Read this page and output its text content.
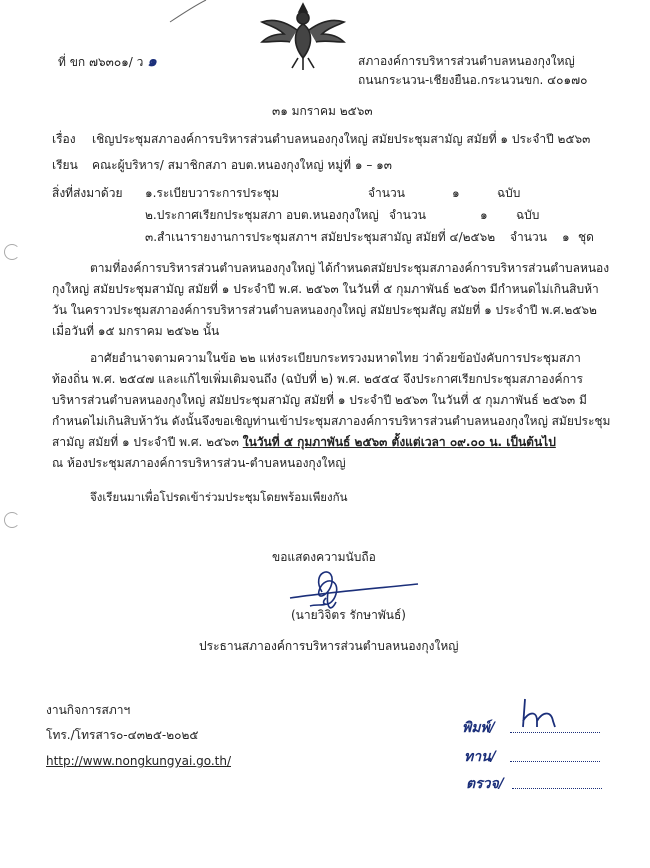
ที่ ขก ๗๖๓๐๑/ ว ๑	สภาองค์การบริหารส่วนตำบลหนองกุงใหญ่
ถนนกระนวน-เชียงยืนอ.กระนวนขก. ๔๐๑๗๐
๓๑ มกราคม ๒๕๖๓
เรื่อง เชิญประชุมสภาองค์การบริหารส่วนตำบลหนองกุงใหญ่ สมัยประชุมสามัญ สมัยที่ ๑ ประจำปี ๒๕๖๓
เรียน คณะผู้บริหาร/ สมาชิกสภา อบต.หนองกุงใหญ่ หมู่ที่ ๑ – ๑๓
สิ่งที่ส่งมาด้วย ๑.ระเบียบวาระการประชุม	จำนวน	๑	ฉบับ
๒.ประกาศเรียกประชุมสภา อบต.หนองกุงใหญ่ จำนวน	๑ ฉบับ
๓.สำเนารายงานการประชุมสภาฯ สมัยประชุมสามัญ สมัยที่ ๔/๒๕๖๒ จำนวน ๑ ชุด
ตามที่องค์การบริหารส่วนตำบลหนองกุงใหญ่ ได้กำหนดสมัยประชุมสภาองค์การบริหารส่วนตำบลหนอง
กุงใหญ่ สมัยประชุมสามัญ สมัยที่ ๑ ประจำปี พ.ศ. ๒๕๖๓ ในวันที่ ๕ กุมภาพันธ์ ๒๕๖๓ มีกำหนดไม่เกินสิบห้า
วัน ในคราวประชุมสภาองค์การบริหารส่วนตำบลหนองกุงใหญ่ สมัยประชุมสัญ สมัยที่ ๑ ประจำปี พ.ศ.๒๕๖๒
เมื่อวันที่ ๑๕ มกราคม ๒๕๖๒ นั้น
อาศัยอำนาจตามความในข้อ ๒๒ แห่งระเบียบกระทรวงมหาดไทย ว่าด้วยข้อบังคับการประชุมสภา
ท้องถิ่น พ.ศ. ๒๕๔๗ และแก้ไขเพิ่มเติมจนถึง (ฉบับที่ ๒) พ.ศ. ๒๕๕๔ จึงประกาศเรียกประชุมสภาองค์การ
บริหารส่วนตำบลหนองกุงใหญ่ สมัยประชุมสามัญ สมัยที่ ๑ ประจำปี ๒๕๖๓ ในวันที่ ๕ กุมภาพันธ์ ๒๕๖๓ มี
กำหนดไม่เกินสิบห้าวัน ดังนั้นจึงขอเชิญท่านเข้าประชุมสภาองค์การบริหารส่วนตำบลหนองกุงใหญ่ สมัยประชุม
สามัญ สมัยที่ ๑ ประจำปี พ.ศ. ๒๕๖๓ ในวันที่ ๕ กุมภาพันธ์ ๒๕๖๓ ตั้งแต่เวลา ๐๙.๐๐ น. เป็นต้นไป
ณ ห้องประชุมสภาองค์การบริหารส่วน-ตำบลหนองกุงใหญ่
จึงเรียนมาเพื่อโปรดเข้าร่วมประชุมโดยพร้อมเพียงกัน
ขอแสดงความนับถือ
(นายวิจิตร รักษาพันธ์)
ประธานสภาองค์การบริหารส่วนตำบลหนองกุงใหญ่
งานกิจการสภาฯ
โทร./โทรสาร๐-๔๓๒๕-๒๐๒๕
http://www.nongkungyai.go.th/
พิมพ์/
ทาน/
ตรวจ/
